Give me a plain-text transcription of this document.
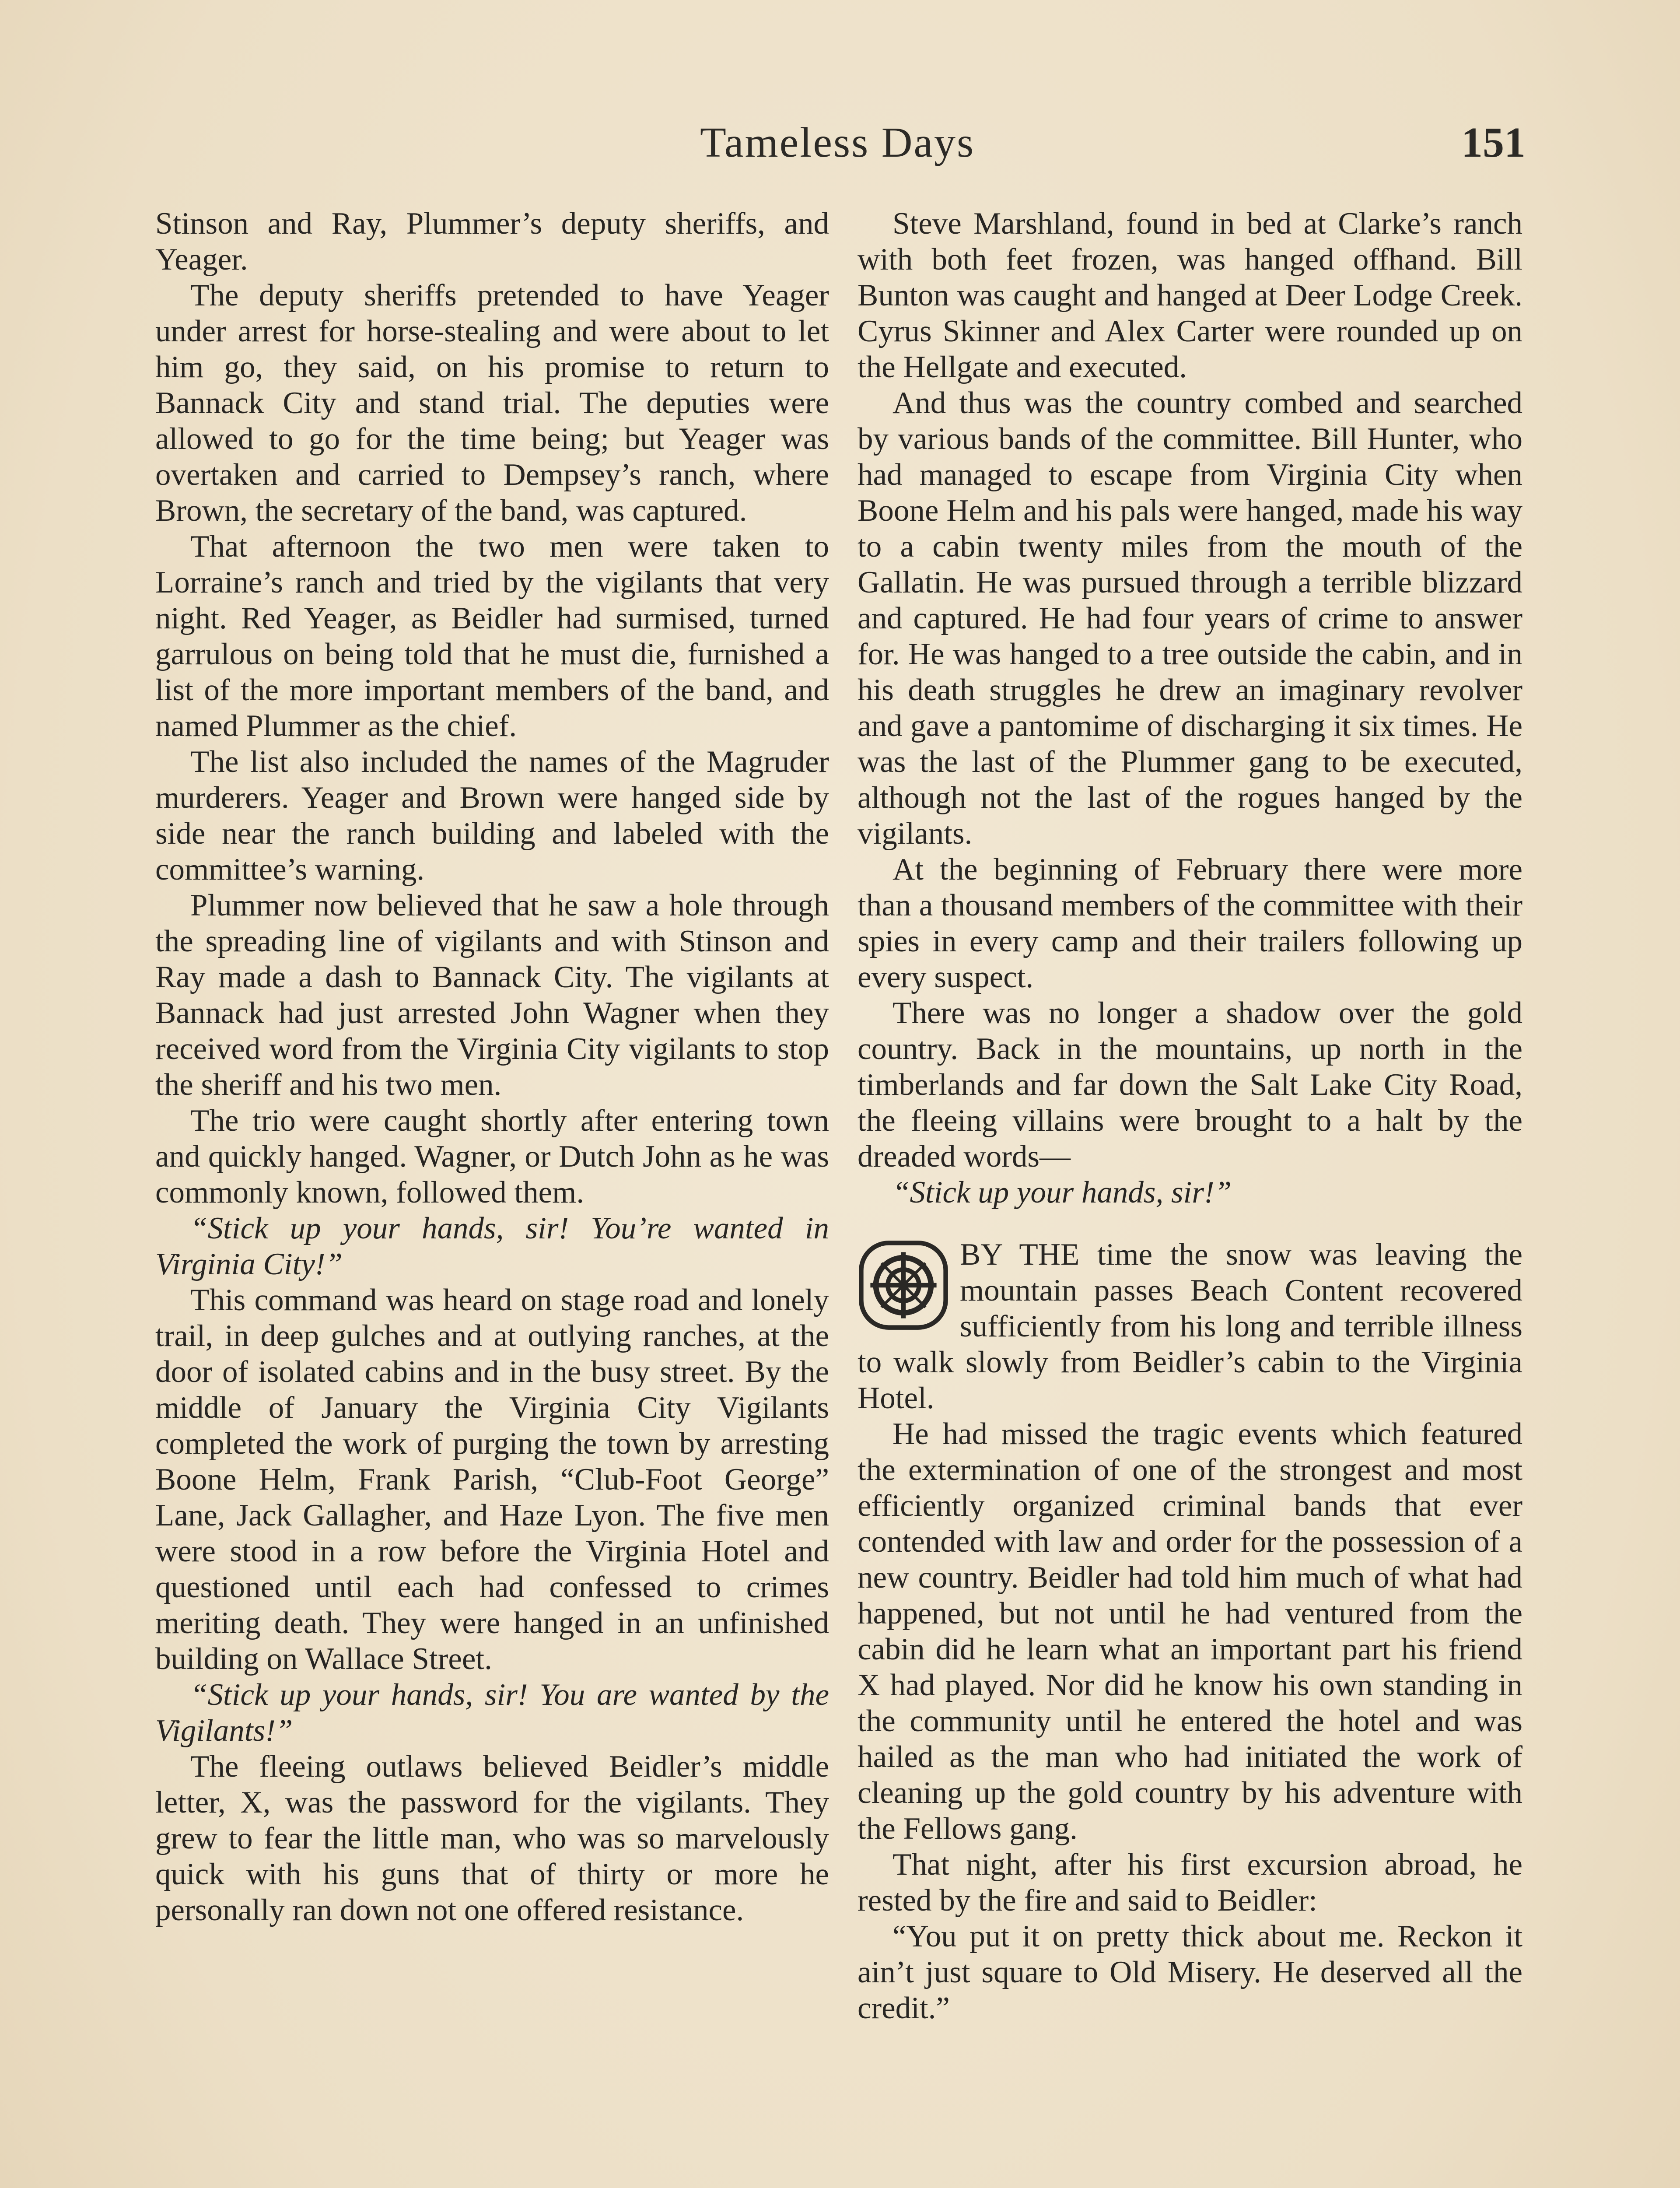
Tameless Days	151

Stinson and Ray, Plummer’s deputy sheriffs, and Yeager.

The deputy sheriffs pretended to have Yeager under arrest for horse-stealing and were about to let him go, they said, on his promise to return to Bannack City and stand trial. The deputies were allowed to go for the time being; but Yeager was overtaken and carried to Dempsey’s ranch, where Brown, the secretary of the band, was captured.

That afternoon the two men were taken to Lorraine’s ranch and tried by the vigilants that very night. Red Yeager, as Beidler had surmised, turned garrulous on being told that he must die, furnished a list of the more important members of the band, and named Plummer as the chief.

The list also included the names of the Magruder murderers. Yeager and Brown were hanged side by side near the ranch building and labeled with the committee’s warning.

Plummer now believed that he saw a hole through the spreading line of vigilants and with Stinson and Ray made a dash to Bannack City. The vigilants at Bannack had just arrested John Wagner when they received word from the Virginia City vigilants to stop the sheriff and his two men.

The trio were caught shortly after entering town and quickly hanged. Wagner, or Dutch John as he was commonly known, followed them.

“Stick up your hands, sir! You’re wanted in Virginia City!”

This command was heard on stage road and lonely trail, in deep gulches and at outlying ranches, at the door of isolated cabins and in the busy street. By the middle of January the Virginia City Vigilants completed the work of purging the town by arresting Boone Helm, Frank Parish, “Club-Foot George” Lane, Jack Gallagher, and Haze Lyon. The five men were stood in a row before the Virginia Hotel and questioned until each had confessed to crimes meriting death. They were hanged in an unfinished building on Wallace Street.

“Stick up your hands, sir! You are wanted by the Vigilants!”

The fleeing outlaws believed Beidler’s middle letter, X, was the password for the vigilants. They grew to fear the little man, who was so marvelously quick with his guns that of thirty or more he personally ran down not one offered resistance.

Steve Marshland, found in bed at Clarke’s ranch with both feet frozen, was hanged offhand. Bill Bunton was caught and hanged at Deer Lodge Creek. Cyrus Skinner and Alex Carter were rounded up on the Hellgate and executed.

And thus was the country combed and searched by various bands of the committee. Bill Hunter, who had managed to escape from Virginia City when Boone Helm and his pals were hanged, made his way to a cabin twenty miles from the mouth of the Gallatin. He was pursued through a terrible blizzard and captured. He had four years of crime to answer for. He was hanged to a tree outside the cabin, and in his death struggles he drew an imaginary revolver and gave a pantomime of discharging it six times. He was the last of the Plummer gang to be executed, although not the last of the rogues hanged by the vigilants.

At the beginning of February there were more than a thousand members of the committee with their spies in every camp and their trailers following up every suspect.

There was no longer a shadow over the gold country. Back in the mountains, up north in the timberlands and far down the Salt Lake City Road, the fleeing villains were brought to a halt by the dreaded words—

“Stick up your hands, sir!”

BY THE time the snow was leaving the mountain passes Beach Content recovered sufficiently from his long and terrible illness to walk slowly from Beidler’s cabin to the Virginia Hotel.

He had missed the tragic events which featured the extermination of one of the strongest and most efficiently organized criminal bands that ever contended with law and order for the possession of a new country. Beidler had told him much of what had happened, but not until he had ventured from the cabin did he learn what an important part his friend X had played. Nor did he know his own standing in the community until he entered the hotel and was hailed as the man who had initiated the work of cleaning up the gold country by his adventure with the Fellows gang.

That night, after his first excursion abroad, he rested by the fire and said to Beidler:

“You put it on pretty thick about me. Reckon it ain’t just square to Old Misery. He deserved all the credit.”
